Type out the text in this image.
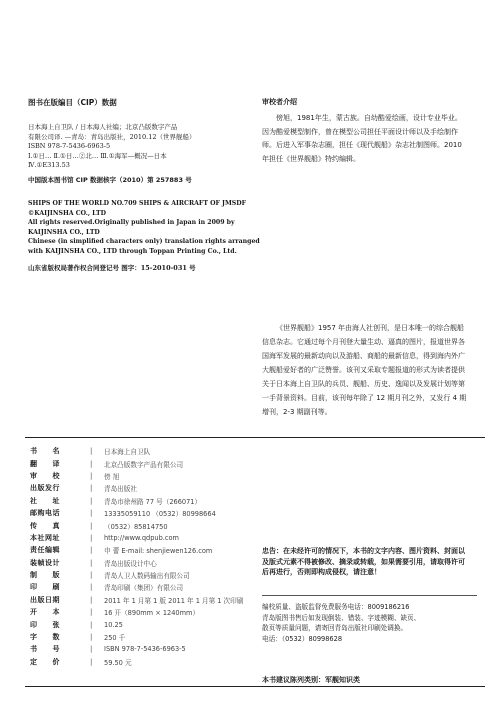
图书在版编目（CIP）数据
日本海上自卫队 / 日本海人社编；北京凸版数字产品
有限公司译. —青岛：青岛出版社，2010.12（世界舰船）
ISBN 978-7-5436-6963-5
Ⅰ.①日… Ⅱ.①日…②北… Ⅲ.①海军—概况—日本
Ⅳ.①E313.53
中国版本图书馆 CIP 数据核字（2010）第 257883 号
SHIPS OF THE WORLD NO.709 SHIPS & AIRCRAFT OF JMSDF
©KAIJINSHA CO., LTD
All rights reserved.Originally published in Japan in 2009 by
KAIJINSHA CO., LTD
Chinese (in simplified characters only) translation rights arranged
with KAIJINSHA CO., LTD through Toppan Printing Co., Ltd.
山东省版权局著作权合同登记号 图字：15-2010-031 号
审校者介绍
傍旭，1981年生，蒙古族。自幼酷爱绘画，设计专业毕业。因为酷爱模型制作，曾在模型公司担任平面设计师以及手绘制作师。后进入军事杂志圈，担任《现代舰船》杂志社制图师。2010年担任《世界舰船》特约编辑。
《世界舰船》1957 年由海人社创刊，是日本唯一的综合舰船信息杂志。它通过每个月刊登大量生动、逼真的图片，报道世界各国海军发展的最新动向以及游船、商船的最新信息，得到海内外广大舰船爱好者的广泛赞誉。该刊又采取专题报道的形式为读者提供关于日本海上自卫队的兵员、舰船、历史、逸闻以及发展计划等第一手背景资料。目前，该刊每年除了 12 期月刊之外，又发行 4 期增刊，2-3 期副刊等。
书　　名	|	日本海上自卫队
翻　　译	|	北京凸版数字产品有限公司
审　　校	|	傍 旭
出版发行	|	青岛出版社
社　　址	|	青岛市徐州路 77 号（266071）
邮购电话	|	13335059110 （0532）80998664
传　　真	|	（0532）85814750
本社网址	|	http://www.qdpub.com
责任编辑	|	申 蕾 E-mail: shenjiewen126.com
装帧设计	|	青岛出版设计中心
制　　版	|	青岛人卫人数码输出有限公司
印　　刷	|	青岛印刷（集团）有限公司
出版日期	|	2011 年 1 月第 1 版 2011 年 1 月第 1 次印刷
开　　本	|	16 开（890mm × 1240mm）
印　　张	|	10.25
字　　数	|	250 千
书　　号	|	ISBN 978-7-5436-6963-5
定　　价	|	59.50 元
忠告：在未经许可的情况下，本书的文字内容、图片资料、封面以及版式元素不得被修改、摘录或转载，如果需要引用，请取得许可后再进行，否则即构成侵权，请注意！
编校质量、盗版监督免费服务电话：8009186216
青岛版图书售后如发现倒装、错装、字迹模糊、缺页、
散页等质量问题，请寄回青岛出版社印刷处调换。
电话：（0532）80998628
本书建议陈列类别：军舰知识类
